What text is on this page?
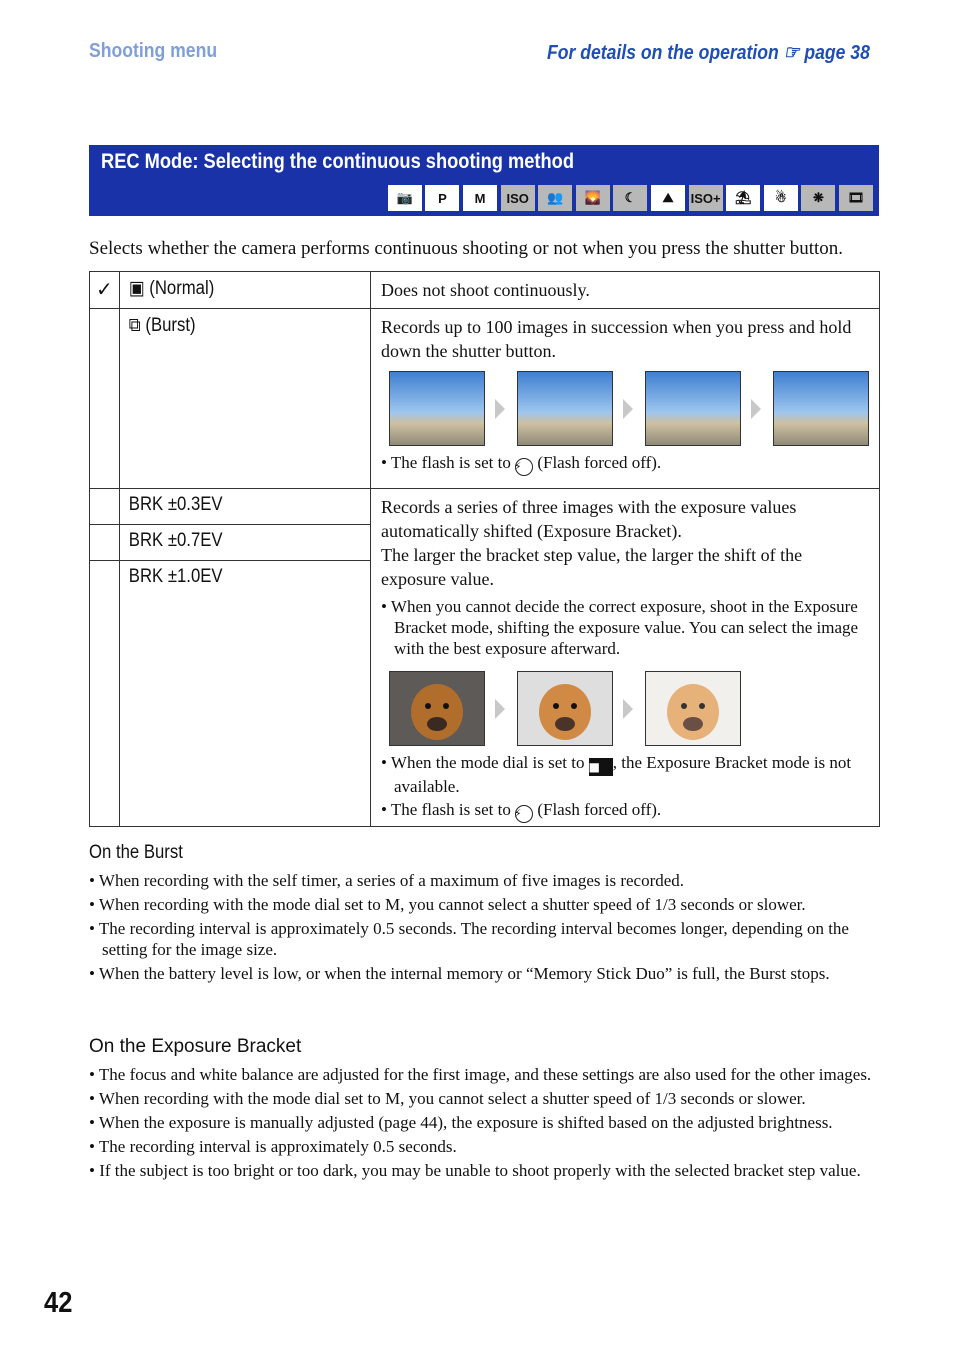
Shooting menu	For details on the operation ☞ page 38
REC Mode: Selecting the continuous shooting method
📷	P	M	ISO	👥	🌄	☾	⛰	ISO+	⛱	☃	❋	🎞
Selects whether the camera performs continuous shooting or not when you press the shutter button.
✓	▣ (Normal)	Does not shoot continuously.

	⧉ (Burst)	Records up to 100 images in succession when you press and hold down the shutter button.
• The flash is set to ⚡ (Flash forced off).

	BRK ±0.3EV	Records a series of three images with the exposure values automatically shifted (Exposure Bracket).
The larger the bracket step value, the larger the shift of the exposure value.
• When you cannot decide the correct exposure, shoot in the Exposure Bracket mode, shifting the exposure value. You can select the image with the best exposure afterward.
• When the mode dial is set to ■ , the Exposure Bracket mode is not available.
• The flash is set to ⚡ (Flash forced off).

	BRK ±0.7EV	
	BRK ±1.0EV	
On the Burst
• When recording with the self timer, a series of a maximum of five images is recorded.
• When recording with the mode dial set to M, you cannot select a shutter speed of 1/3 seconds or slower.
• The recording interval is approximately 0.5 seconds. The recording interval becomes longer, depending on the setting for the image size.
• When the battery level is low, or when the internal memory or “Memory Stick Duo” is full, the Burst stops.
On the Exposure Bracket
• The focus and white balance are adjusted for the first image, and these settings are also used for the other images.
• When recording with the mode dial set to M, you cannot select a shutter speed of 1/3 seconds or slower.
• When the exposure is manually adjusted (page 44), the exposure is shifted based on the adjusted brightness.
• The recording interval is approximately 0.5 seconds.
• If the subject is too bright or too dark, you may be unable to shoot properly with the selected bracket step value.
42
